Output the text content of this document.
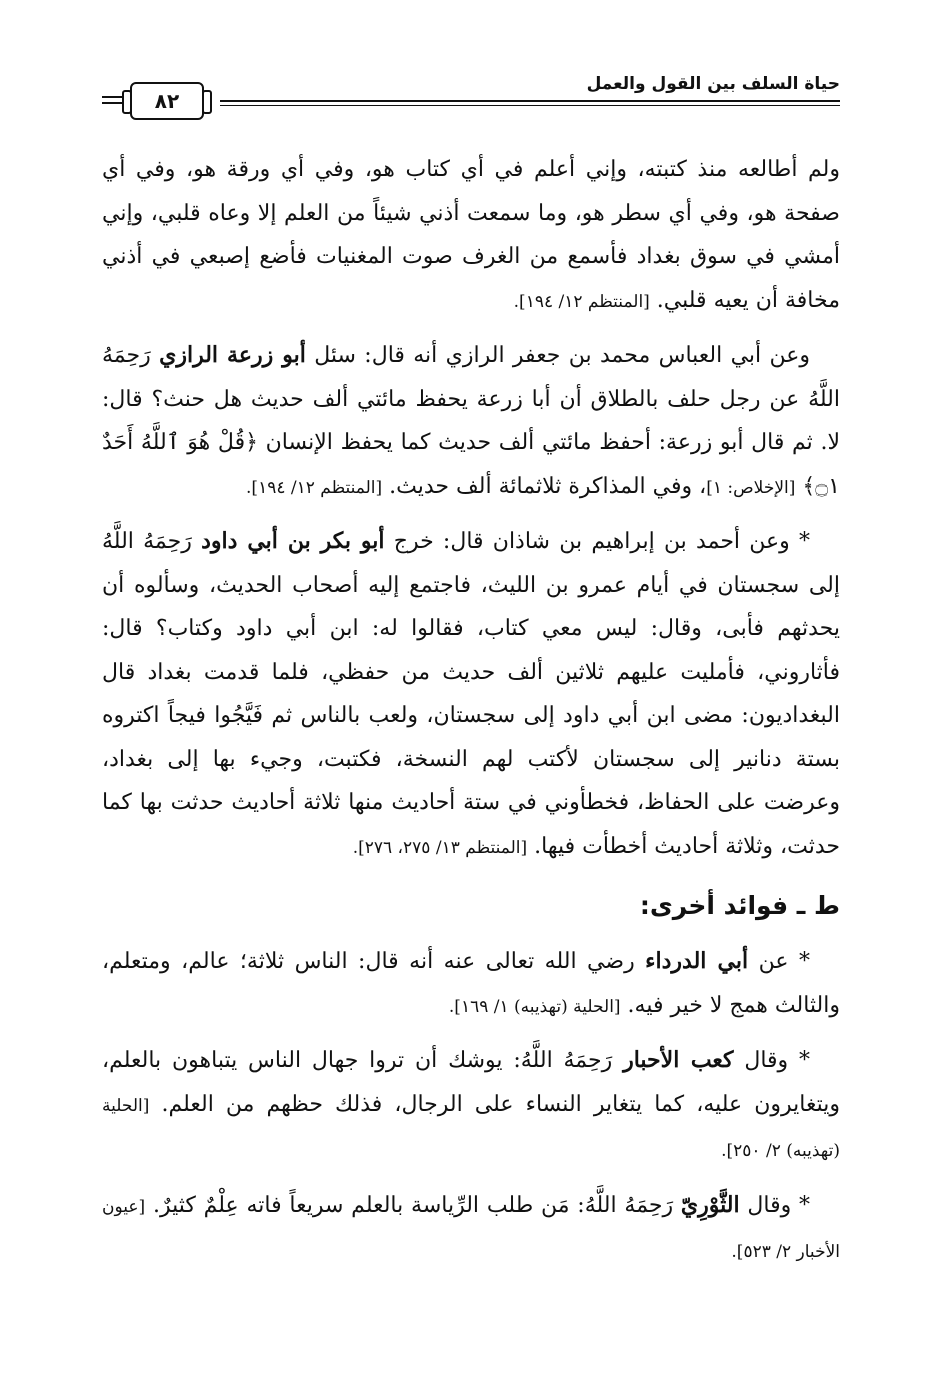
حياة السلف بين القول والعمل
٨٢

ولم أطالعه منذ كتبته، وإني أعلم في أي كتاب هو، وفي أي ورقة هو، وفي أي صفحة هو، وفي أي سطر هو، وما سمعت أذني شيئاً من العلم إلا وعاه قلبي، وإني أمشي في سوق بغداد فأسمع من الغرف صوت المغنيات فأضع إصبعي في أذني مخافة أن يعيه قلبي. [المنتظم ١٢/ ١٩٤].

وعن أبي العباس محمد بن جعفر الرازي أنه قال: سئل أبو زرعة الرازي رَحِمَهُ اللَّهُ عن رجل حلف بالطلاق أن أبا زرعة يحفظ مائتي ألف حديث هل حنث؟ قال: لا. ثم قال أبو زرعة: أحفظ مائتي ألف حديث كما يحفظ الإنسان ﴿قُلْ هُوَ ٱللَّهُ أَحَدٌ ۝١﴾ [الإخلاص: ١]، وفي المذاكرة ثلاثمائة ألف حديث. [المنتظم ١٢/ ١٩٤].

* وعن أحمد بن إبراهيم بن شاذان قال: خرج أبو بكر بن أبي داود رَحِمَهُ اللَّهُ إلى سجستان في أيام عمرو بن الليث، فاجتمع إليه أصحاب الحديث، وسألوه أن يحدثهم فأبى، وقال: ليس معي كتاب، فقالوا له: ابن أبي داود وكتاب؟ قال: فأثاروني، فأمليت عليهم ثلاثين ألف حديث من حفظي، فلما قدمت بغداد قال البغداديون: مضى ابن أبي داود إلى سجستان، ولعب بالناس ثم فَيَّجُوا فيجاً اكتروه بستة دنانير إلى سجستان لأكتب لهم النسخة، فكتبت، وجيء بها إلى بغداد، وعرضت على الحفاظ، فخطأوني في ستة أحاديث منها ثلاثة أحاديث حدثت بها كما حدثت، وثلاثة أحاديث أخطأت فيها. [المنتظم ١٣/ ٢٧٥، ٢٧٦].

ط ـ فوائد أخرى:

* عن أبي الدرداء رضي الله تعالى عنه أنه قال: الناس ثلاثة؛ عالم، ومتعلم، والثالث همج لا خير فيه. [الحلية (تهذيبه) ١/ ١٦٩].

* وقال كعب الأحبار رَحِمَهُ اللَّهُ: يوشك أن تروا جهال الناس يتباهون بالعلم، ويتغايرون عليه، كما يتغاير النساء على الرجال، فذلك حظهم من العلم. [الحلية (تهذيبه) ٢/ ٢٥٠].

* وقال الثَّوْرِيّ رَحِمَهُ اللَّهُ: مَن طلب الرِّياسة بالعلم سريعاً فاته عِلْمٌ كثيرٌ. [عيون الأخبار ٢/ ٥٢٣].
